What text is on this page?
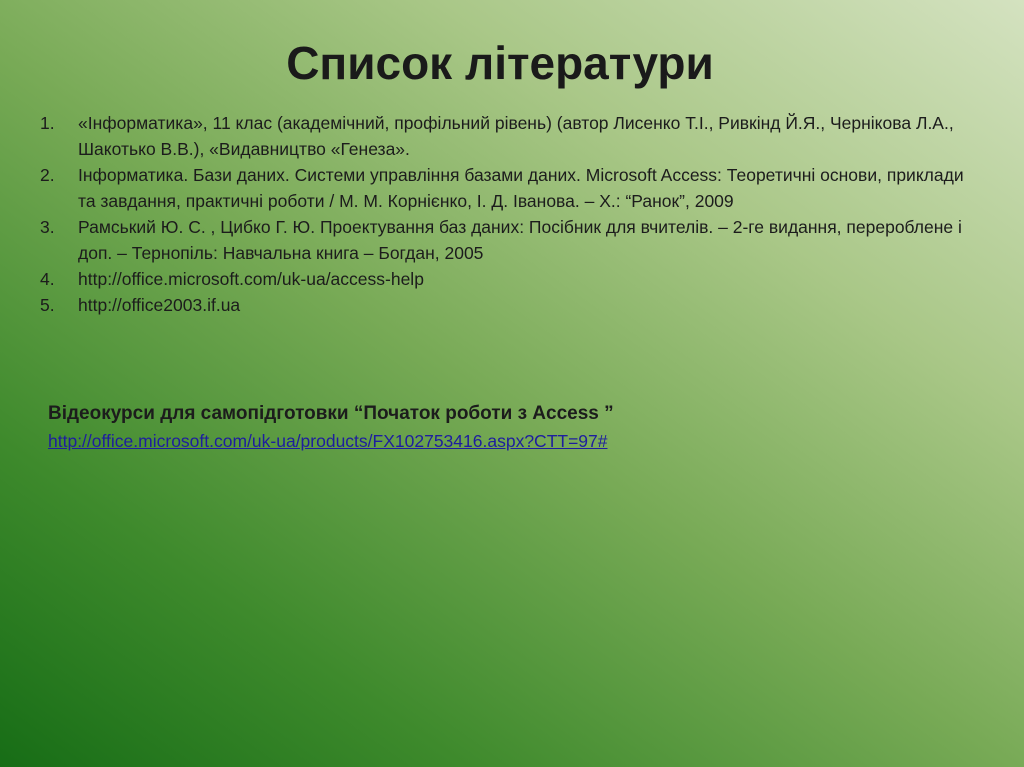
Список літератури
1.	«Інформатика», 11 клас (академічний, профільний рівень) (автор Лисенко Т.І., Ривкінд Й.Я., Чернікова Л.А., Шакотько В.В.), «Видавництво «Генеза».
2.	Інформатика. Бази даних. Системи управління базами даних. Microsoft Access: Теоретичні основи, приклади та завдання, практичні роботи / М. М. Корнієнко, І. Д. Іванова. – Х.: “Ранок”, 2009
3.	Рамський Ю. С. , Цибко Г. Ю. Проектування баз даних: Посібник для вчителів. – 2-ге видання, перероблене і доп. – Тернопіль: Навчальна книга – Богдан, 2005
4.	http://office.microsoft.com/uk-ua/access-help
5.	http://office2003.if.ua
Відеокурси для самопідготовки “Початок роботи з Access ”
http://office.microsoft.com/uk-ua/products/FX102753416.aspx?CTT=97#
